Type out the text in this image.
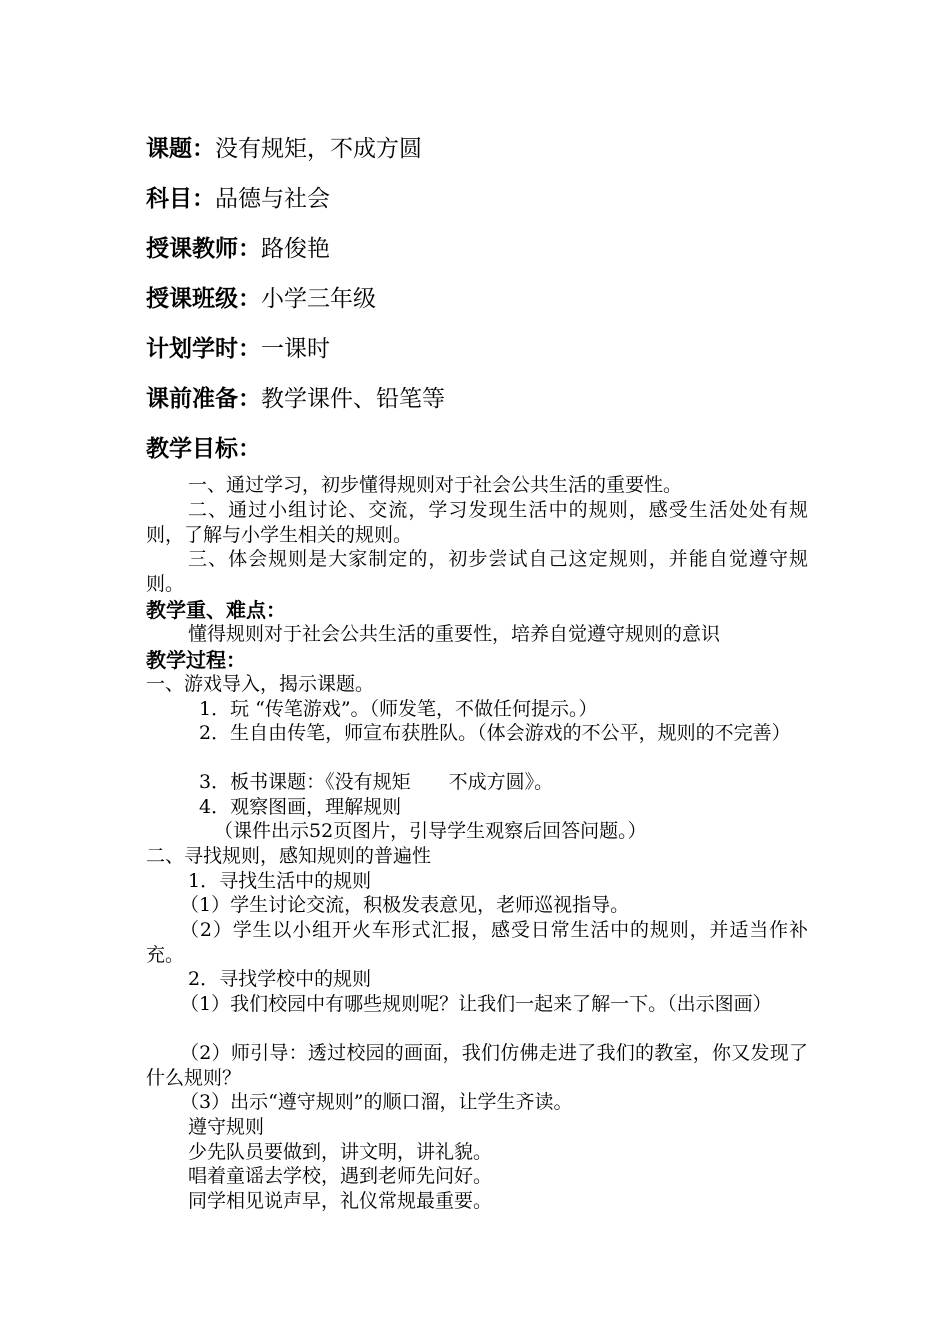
课题：没有规矩，不成方圆
科目：品德与社会
授课教师：路俊艳
授课班级：小学三年级
计划学时：一课时
课前准备：教学课件、铅笔等
教学目标：
一、通过学习，初步懂得规则对于社会公共生活的重要性。
二、通过小组讨论、交流，学习发现生活中的规则，感受生活处处有规则，了解与小学生相关的规则。
三、体会规则是大家制定的，初步尝试自己这定规则，并能自觉遵守规则。
教学重、难点：
懂得规则对于社会公共生活的重要性，培养自觉遵守规则的意识
教学过程：
一、游戏导入，揭示课题。
1．玩 “传笔游戏”。（师发笔，不做任何提示。）
2．生自由传笔，师宣布获胜队。（体会游戏的不公平，规则的不完善）
3．板书课题：《没有规矩　　不成方圆》。
4．观察图画，理解规则
（课件出示52页图片，引导学生观察后回答问题。）
二、寻找规则，感知规则的普遍性
1．寻找生活中的规则
（1）学生讨论交流，积极发表意见，老师巡视指导。
（2）学生以小组开火车形式汇报，感受日常生活中的规则，并适当作补充。
2．寻找学校中的规则
（1）我们校园中有哪些规则呢？让我们一起来了解一下。（出示图画）
（2）师引导：透过校园的画面，我们仿佛走进了我们的教室，你又发现了什么规则？
（3）出示“遵守规则”的顺口溜，让学生齐读。
遵守规则
少先队员要做到，讲文明，讲礼貌。
唱着童谣去学校，遇到老师先问好。
同学相见说声早，礼仪常规最重要。
